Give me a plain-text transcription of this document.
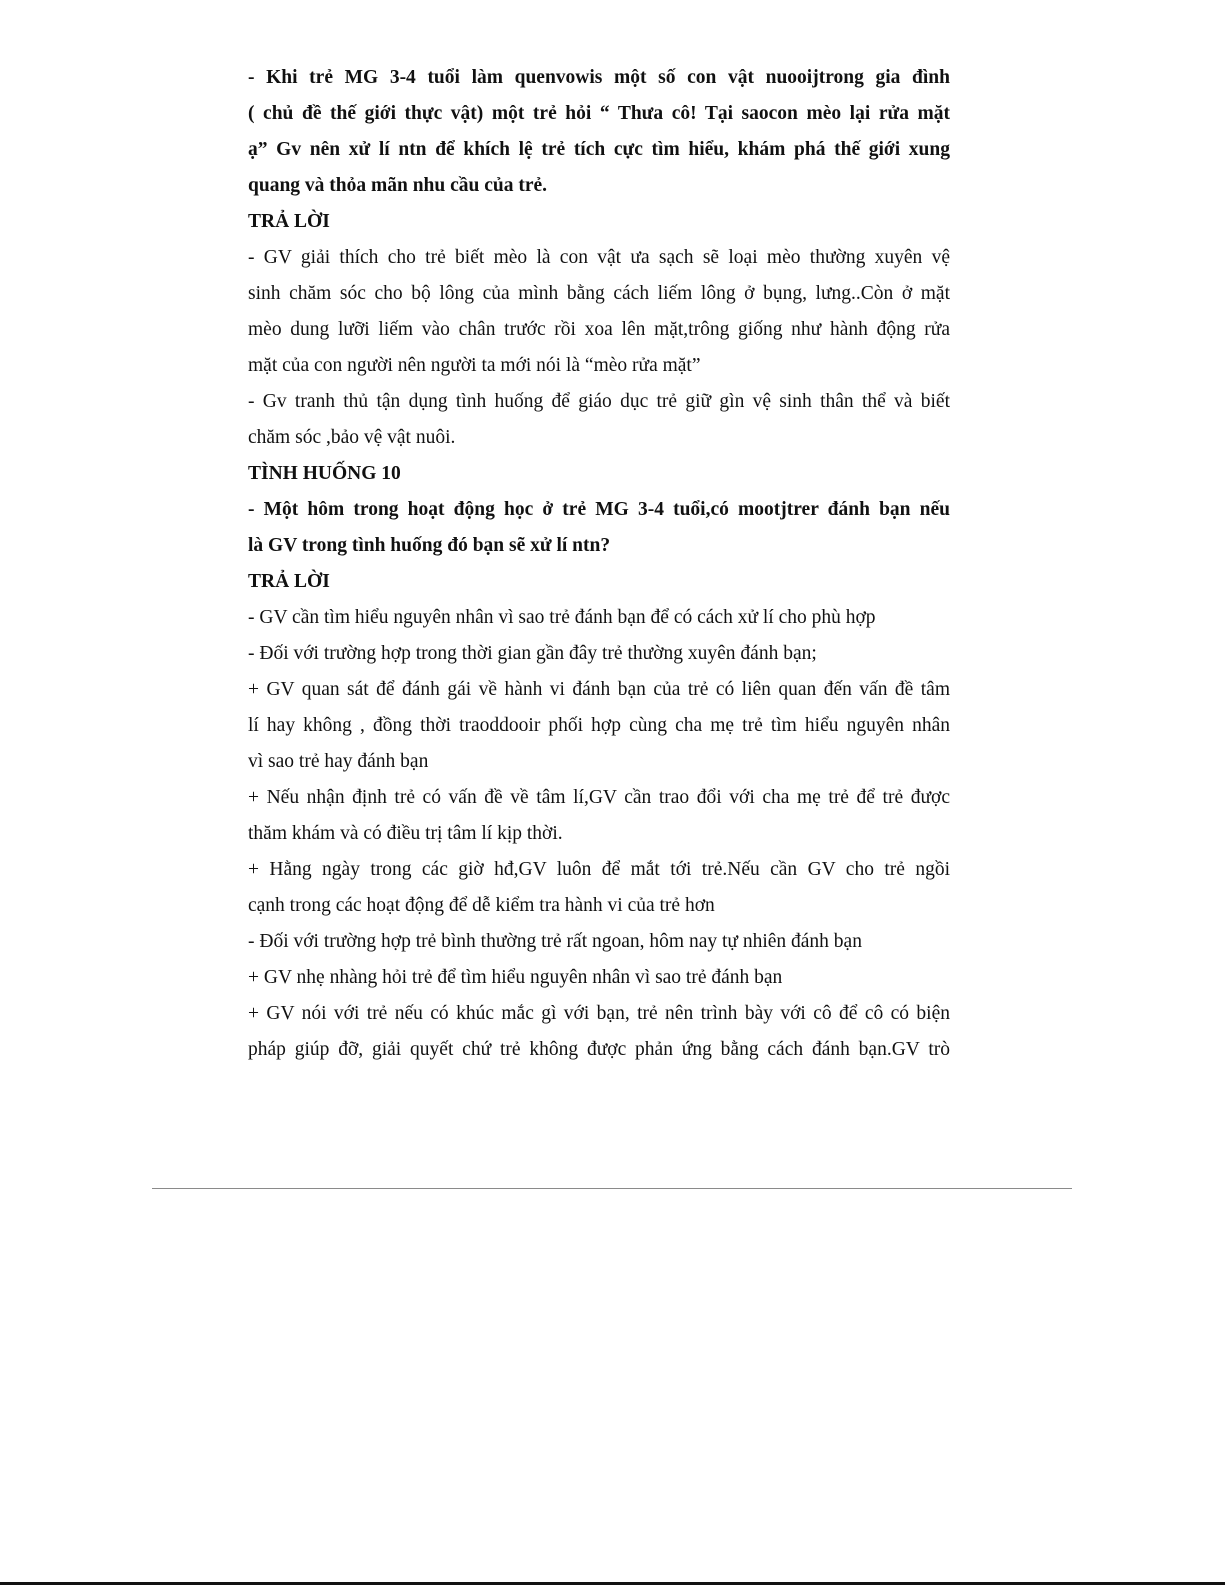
- Khi trẻ MG 3-4 tuổi làm quenvowis một số con vật nuooijtrong gia đình
( chủ đề thế giới thực vật) một trẻ hỏi “ Thưa cô! Tại saocon mèo lại rửa mặt
ạ” Gv nên xử lí ntn để khích lệ trẻ tích cực tìm hiểu, khám phá thế giới xung
quang và thỏa mãn nhu cầu của trẻ.
TRẢ LỜI
- GV giải thích cho trẻ biết mèo là con vật ưa sạch sẽ loại mèo thường xuyên vệ
sinh chăm sóc cho bộ lông của mình bằng cách liếm lông ở bụng, lưng..Còn ở mặt
mèo dung lưỡi liếm vào chân trước rồi xoa lên mặt,trông giống như hành động rửa
mặt của con người nên người ta mới nói là “mèo rửa mặt”
- Gv tranh thủ tận dụng tình huống để giáo dục trẻ giữ gìn vệ sinh thân thể và biết
chăm sóc ,bảo vệ vật nuôi.
TÌNH HUỐNG 10
- Một hôm trong hoạt động học ở trẻ MG 3-4 tuổi,có mootjtrer đánh bạn nếu
là GV trong tình huống đó bạn sẽ xử lí ntn?
TRẢ LỜI
- GV cần tìm hiểu nguyên nhân vì sao trẻ đánh bạn để có cách xử lí cho phù hợp
- Đối với trường hợp trong thời gian gần đây trẻ thường xuyên đánh bạn;
+ GV quan sát để đánh gái về hành vi đánh bạn của trẻ có liên quan đến vấn đề tâm
lí hay không , đồng thời traoddooir phối hợp cùng cha mẹ trẻ tìm hiểu nguyên nhân
vì sao trẻ hay đánh bạn
+ Nếu nhận định trẻ có vấn đề về tâm lí,GV cần trao đổi với cha mẹ trẻ để trẻ được
thăm khám và có điều trị tâm lí kịp thời.
+ Hằng ngày trong các giờ hđ,GV luôn để mắt tới trẻ.Nếu cần GV cho trẻ ngồi
cạnh trong các hoạt động để dễ kiểm tra hành vi của trẻ hơn
- Đối với trường hợp trẻ bình thường trẻ rất ngoan, hôm nay tự nhiên đánh bạn
+ GV nhẹ nhàng hỏi trẻ để tìm hiểu nguyên nhân vì sao trẻ đánh bạn
+ GV nói với trẻ nếu có khúc mắc gì với bạn, trẻ nên trình bày với cô để cô có biện
pháp giúp đỡ, giải quyết chứ trẻ không được phản ứng bằng cách đánh bạn.GV trò
